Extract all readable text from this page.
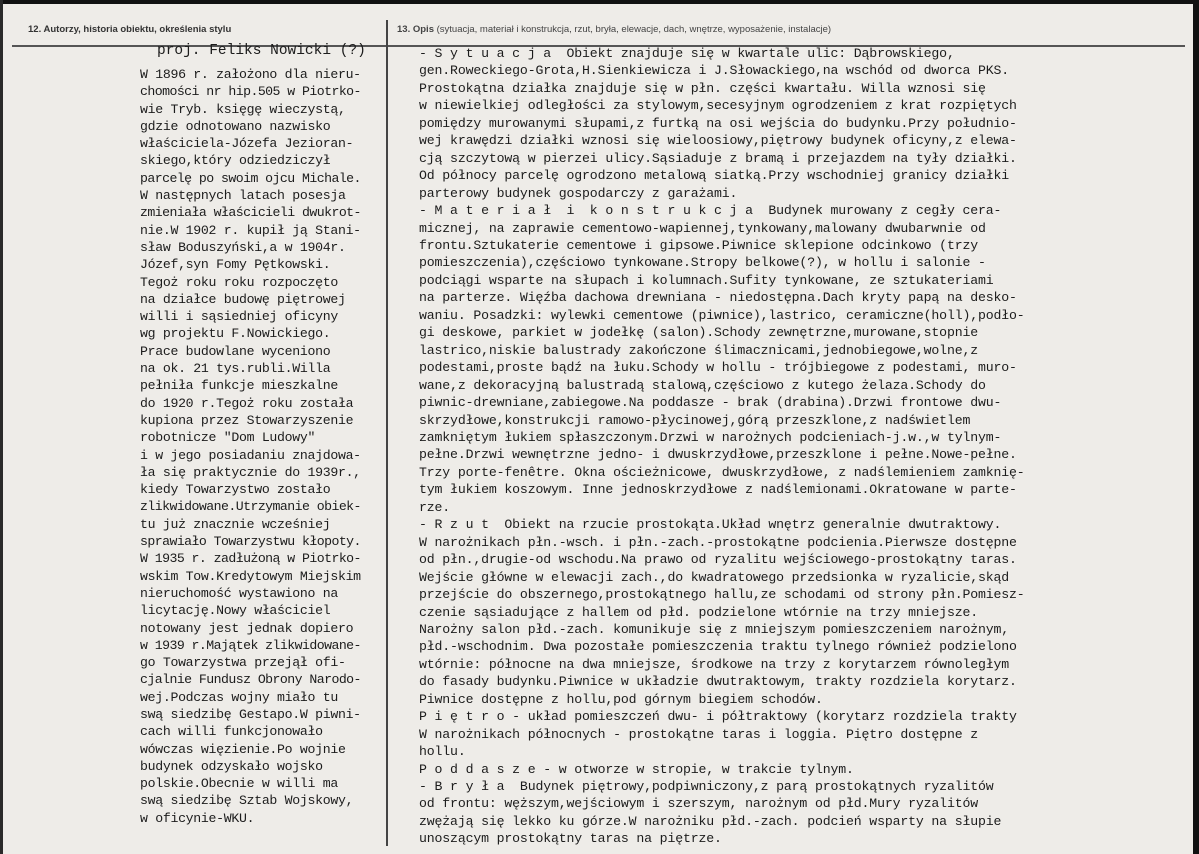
12. Autorzy, historia obiektu, określenia stylu	13. Opis (sytuacja, materiał i konstrukcja, rzut, bryła, elewacje, dach, wnętrze, wyposażenie, instalacje)
proj. Feliks Nowicki (?)
W 1896 r. założono dla nieru-
chomości nr hip.505 w Piotrko-
wie Tryb. księgę wieczystą,
gdzie odnotowano nazwisko
właściciela-Józefa Jezioran-
skiego,który odziedziczył
parcelę po swoim ojcu Michale.
W następnych latach posesja
zmieniała właścicieli dwukrot-
nie.W 1902 r. kupił ją Stani-
sław Boduszyński,a w 1904r.
Józef,syn Fomy Pętkowski.
Tegoż roku roku rozpoczęto
na działce budowę piętrowej
willi i sąsiedniej oficyny
wg projektu F.Nowickiego.
Prace budowlane wyceniono
na ok. 21 tys.rubli.Willa
pełniła funkcje mieszkalne
do 1920 r.Tegoż roku została
kupiona przez Stowarzyszenie
robotnicze "Dom Ludowy"
i w jego posiadaniu znajdowa-
ła się praktycznie do 1939r.,
kiedy Towarzystwo zostało
zlikwidowane.Utrzymanie obiek-
tu już znacznie wcześniej
sprawiało Towarzystwu kłopoty.
W 1935 r. zadłużoną w Piotrko-
wskim Tow.Kredytowym Miejskim
nieruchomość wystawiono na
licytację.Nowy właściciel
notowany jest jednak dopiero
w 1939 r.Majątek zlikwidowane-
go Towarzystwa przejął ofi-
cjalnie Fundusz Obrony Narodo-
wej.Podczas wojny miało tu
swą siedzibę Gestapo.W piwni-
cach willi funkcjonowało
wówczas więzienie.Po wojnie
budynek odzyskało wojsko
polskie.Obecnie w willi ma
swą siedzibę Sztab Wojskowy,
w oficynie-WKU.
- S y t u a c j a  Obiekt znajduje się w kwartale ulic: Dąbrowskiego,
gen.Roweckiego-Grota,H.Sienkiewicza i J.Słowackiego,na wschód od dworca PKS.
Prostokątna działka znajduje się w płn. części kwartału. Willa wznosi się
w niewielkiej odległości za stylowym,secesyjnym ogrodzeniem z krat rozpiętych
pomiędzy murowanymi słupami,z furtką na osi wejścia do budynku.Przy południo-
wej krawędzi działki wznosi się wieloosiowy,piętrowy budynek oficyny,z elewa-
cją szczytową w pierzei ulicy.Sąsiaduje z bramą i przejazdem na tyły działki.
Od północy parcelę ogrodzono metalową siatką.Przy wschodniej granicy działki
parterowy budynek gospodarczy z garażami.
- M a t e r i a ł  i  k o n s t r u k c j a  Budynek murowany z cegły cera-
micznej, na zaprawie cementowo-wapiennej,tynkowany,malowany dwubarwnie od
frontu.Sztukaterie cementowe i gipsowe.Piwnice sklepione odcinkowo (trzy
pomieszczenia),częściowo tynkowane.Stropy belkowe(?), w hollu i salonie -
podciągi wsparte na słupach i kolumnach.Sufity tynkowane, ze sztukateriami
na parterze. Więźba dachowa drewniana - niedostępna.Dach kryty papą na desko-
waniu. Posadzki: wylewki cementowe (piwnice),lastrico, ceramiczne(holl),podło-
gi deskowe, parkiet w jodełkę (salon).Schody zewnętrzne,murowane,stopnie
lastrico,niskie balustrady zakończone ślimacznicami,jednobiegowe,wolne,z
podestami,proste bądź na łuku.Schody w hollu - trójbiegowe z podestami, muro-
wane,z dekoracyjną balustradą stalową,częściowo z kutego żelaza.Schody do
piwnic-drewniane,zabiegowe.Na poddasze - brak (drabina).Drzwi frontowe dwu-
skrzydłowe,konstrukcji ramowo-płycinowej,górą przeszklone,z nadświetlem
zamkniętym łukiem spłaszczonym.Drzwi w narożnych podcieniach-j.w.,w tylnym-
pełne.Drzwi wewnętrzne jedno- i dwuskrzydłowe,przeszklone i pełne.Nowe-pełne.
Trzy porte-fenêtre. Okna ościeżnicowe, dwuskrzydłowe, z nadślemieniem zamknię-
tym łukiem koszowym. Inne jednoskrzydłowe z nadślemionami.Okratowane w parte-
rze.
- R z u t  Obiekt na rzucie prostokąta.Układ wnętrz generalnie dwutraktowy.
W narożnikach płn.-wsch. i płn.-zach.-prostokątne podcienia.Pierwsze dostępne
od płn.,drugie-od wschodu.Na prawo od ryzalitu wejściowego-prostokątny taras.
Wejście główne w elewacji zach.,do kwadratowego przedsionka w ryzalicie,skąd
przejście do obszernego,prostokątnego hallu,ze schodami od strony płn.Pomiesz-
czenie sąsiadujące z hallem od płd. podzielone wtórnie na trzy mniejsze.
Narożny salon płd.-zach. komunikuje się z mniejszym pomieszczeniem narożnym,
płd.-wschodnim. Dwa pozostałe pomieszczenia traktu tylnego również podzielono
wtórnie: północne na dwa mniejsze, środkowe na trzy z korytarzem równoległym
do fasady budynku.Piwnice w układzie dwutraktowym, trakty rozdziela korytarz.
Piwnice dostępne z hollu,pod górnym biegiem schodów.
P i ę t r o - układ pomieszczeń dwu- i półtraktowy (korytarz rozdziela trakty
W narożnikach północnych - prostokątne taras i loggia. Piętro dostępne z
hollu.
P o d d a s z e - w otworze w stropie, w trakcie tylnym.
- B r y ł a  Budynek piętrowy,podpiwniczony,z parą prostokątnych ryzalitów
od frontu: węższym,wejściowym i szerszym, narożnym od płd.Mury ryzalitów
zwężają się lekko ku górze.W narożniku płd.-zach. podcień wsparty na słupie
unoszącym prostokątny taras na piętrze.
